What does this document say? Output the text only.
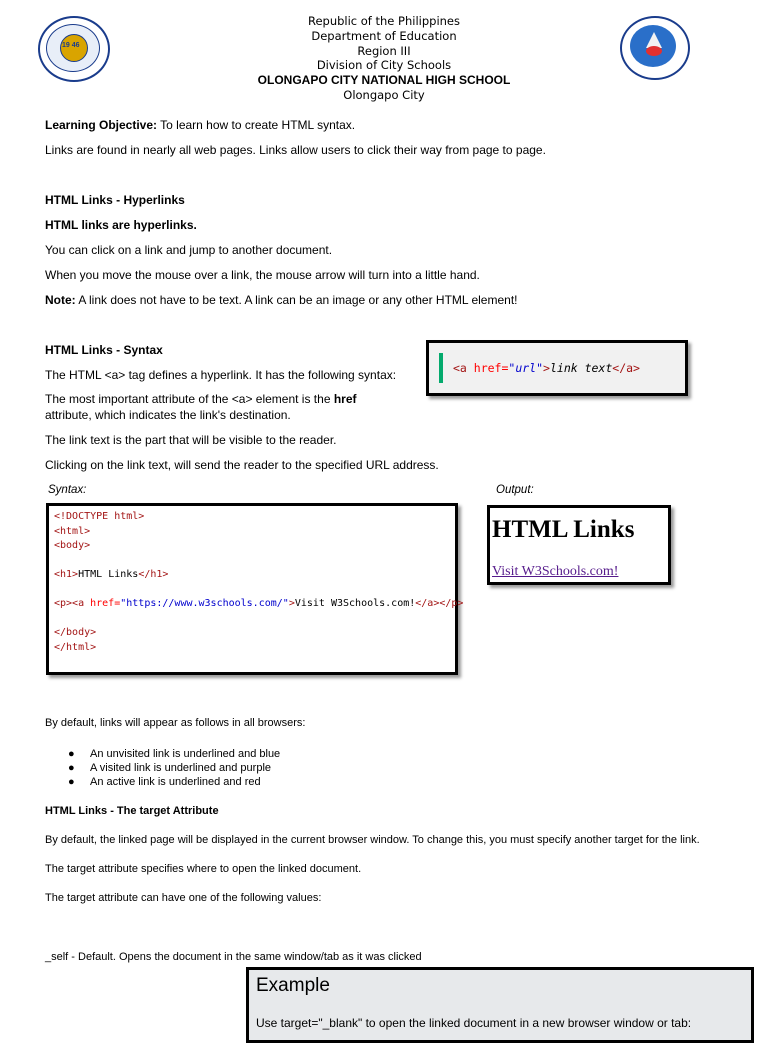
19 46
Republic of the Philippines
Department of Education
Region III
Division of City Schools
OLONGAPO CITY NATIONAL HIGH SCHOOL
Olongapo City
Learning Objective: To learn how to create HTML syntax.
Links are found in nearly all web pages. Links allow users to click their way from page to page.
HTML Links - Hyperlinks
HTML links are hyperlinks.
You can click on a link and jump to another document.
When you move the mouse over a link, the mouse arrow will turn into a little hand.
Note: A link does not have to be text. A link can be an image or any other HTML element!
HTML Links - Syntax
The HTML <a> tag defines a hyperlink. It has the following syntax:
The most important attribute of the <a> element is the href
attribute, which indicates the link's destination.
The link text is the part that will be visible to the reader.
Clicking on the link text, will send the reader to the specified URL address.
<a href="url">link text</a>
Syntax:	Output:
<!DOCTYPE html>
<html>
<body>

<h1>HTML Links</h1>

<p><a href="https://www.w3schools.com/">Visit W3Schools.com!</a></p>

</body>
</html>
HTML Links
Visit W3Schools.com!
By default, links will appear as follows in all browsers:
● An unvisited link is underlined and blue
● A visited link is underlined and purple
● An active link is underlined and red
HTML Links - The target Attribute
By default, the linked page will be displayed in the current browser window. To change this, you must specify another target for the link.
The target attribute specifies where to open the linked document.
The target attribute can have one of the following values:
_self - Default. Opens the document in the same window/tab as it was clicked
Example
Use target="_blank" to open the linked document in a new browser window or tab:
